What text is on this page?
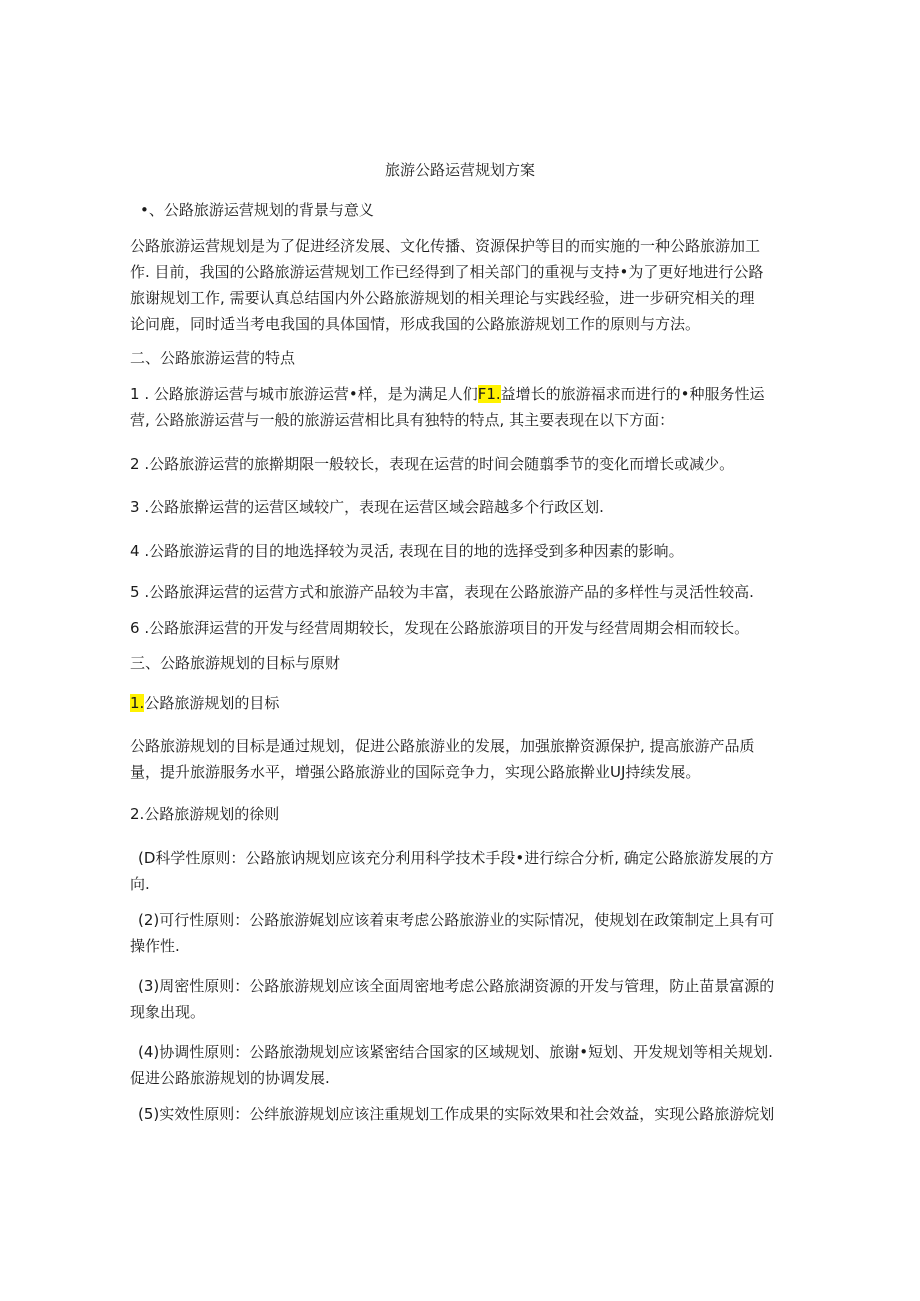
旅游公路运营规划方案
•、公路旅游运营规划的背景与意义
公路旅游运营规划是为了促进经济发展、文化传播、资源保护等目的而实施的一种公路旅游加工
作. 目前，我国的公路旅游运营规划工作已经得到了相关部门的重视与支持•为了更好地进行公路
旅谢规划工作, 需要认真总结国内外公路旅游规划的相关理论与实践经验，进一步研究相关的理
论问鹿，同时适当考电我国的具体国情，形成我国的公路旅游规划工作的原则与方法。
二、公路旅游运营的特点
1 . 公路旅游运营与城市旅游运营•样，是为满足人们F1.益增长的旅游福求而进行的•种服务性运
营, 公路旅游运营与一般的旅游运营相比具有独特的特点, 其主要表现在以下方面：
2 .公路旅游运营的旅擀期限一般较长，表现在运营的时间会随翦季节的变化而增长或减少。
3 .公路旅擀运营的运营区域较广，表现在运营区域会踣越多个行政区划.
4 .公路旅游运背的目的地选择较为灵活, 表现在目的地的选择受到多种因素的影晌。
5 .公路旅湃运营的运营方式和旅游产品较为丰富，表现在公路旅游产品的多样性与灵活性较高.
6 .公路旅湃运营的开发与经营周期较长，发现在公路旅游项目的开发与经营周期会相而较长。
三、公路旅游规划的目标与原财
1.公路旅游规划的目标
公路旅游规划的目标是通过规划，促进公路旅游业的发展，加强旅擀资源保护, 提高旅游产品质
量，提升旅游服务水平，增强公路旅游业的国际竞争力，实现公路旅擀业UJ持续发展。
2.公路旅游规划的徐则
(D科学性原则：公路旅讷规划应该充分利用科学技术手段•进行综合分析, 确定公路旅游发展的方
向.
(2)可行性原则：公路旅游娓划应该着束考虑公路旅游业的实际情况，使规划在政策制定上具有可
操作性.
(3)周密性原则：公路旅游规划应该全面周密地考虑公路旅湖资源的开发与管理，防止苗景富源的
现象出现。
(4)协调性原则：公路旅渤规划应该紧密结合国家的区域规划、旅谢•短划、开发规划等相关规划.
促进公路旅游规划的协调发展.
(5)实效性原则：公绊旅游规划应该注重规划工作成果的实际效果和社会效益，实现公路旅游烷划
